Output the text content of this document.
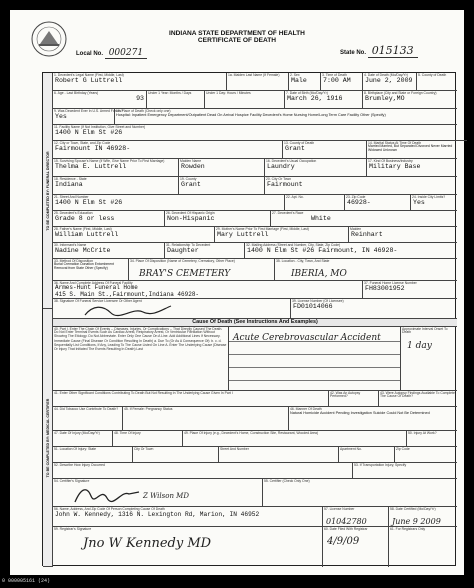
INDIANA STATE DEPARTMENT OF HEALTH
CERTIFICATE OF DEATH
Local No. 000271	State No. 015133
TO BE COMPLETED BY: FUNERAL DIRECTOR
TO BE COMPLETED BY: MEDICAL CERTIFIER
1. Decedent's Legal Name (First, Middle, Last)
Robert G Luttrell
1a. Maiden Last Name (If Female)	2. Sex
Male
3. Time of Death
7:00 AM
4. Date of Death (Mo/Day/Yr)
June 2, 2009
5. County of Death
6. Age - Last Birthday (Years)
93
Under 1 Year: Months / Days	Under 1 Day: Hours / Minutes	7. Date of Birth (Mo/Day/Yr)
March 26, 1916
8. Birthplace (City and State or Foreign Country)
Brumley,MO
9. Was Decedent Ever In U.S. Armed Forces?
Yes
10. Place of Death (Check only one)
Hospital: Inpatient Emergency Department/Outpatient Dead On Arrival Hospice Facility Decedent's Home Nursing Home/Long Term Care Facility Other (Specify)
11. Facility Name (If Not Institution, Give Street and Number)
1400 N Elm St #26
12. City or Town, State, and Zip Code
Fairmount IN 46928-
13. County of Death
Grant
14. Marital Status At Time Of Death
Married Married, But Separated Divorced Never Married Widowed Unknown
15. Surviving Spouse's Name (If Wife, Give Name Prior To First Marriage)
Thelma E. Luttrell
Maiden Name
Rowden
16. Decedent's Usual Occupation
Laundry
17. Kind Of Business/Industry
Military Base
18. Residence - State
Indiana
19. County
Grant
20. City Or Town
Fairmount
21. Street And Number
1400 N Elm St #26
22. Apt. No.	23. Zip Code
46928-
24. Inside City Limits?
Yes
25. Decedent's Education
Grade 8 or less
26. Decedent Of Hispanic Origin
Non-Hispanic
27. Decedent's Race
White
28. Father's Name (First, Middle, Last)
William Luttrell
29. Mother's Name Prior To First Marriage (First, Middle, Last)
Mary Luttrell
Maiden
Reinhart
30. Informant's Name
Nadine McCrite
31. Relationship To Decedent
Daughter
32. Mailing Address (Street and Number, City, State, Zip Code)
1400 N Elm St #26 Fairmount, IN 46928-
33. Method Of Disposition
Burial Cremation Donation Entombment Removal from State Other (Specify)
34. Place Of Disposition (Name of Cemetery, Crematory, Other Place)
BRAY'S CEMETERY
35. Location - City, Town, And State
IBERIA, MO
36. Name And Complete Address Of Funeral Facility
Armes-Hunt Funeral Home
415 S. Main St.,Fairmount,Indiana 46928-
37. Funeral Home License Number
FH83001952
38. Signature Of Funeral Service Licensee Or Other Agent	39. License Number (Of Licensee)
FD01014066
Cause Of Death (See Instructions And Examples)
40. Part I. Enter The Chain Of Events -- Diseases, Injuries, Or Complications -- That Directly Caused The Death. Do Not Enter Terminal Events Such As Cardiac Arrest, Respiratory Arrest, Or Ventricular Fibrillation Without Showing The Etiology. Do Not Abbreviate. Enter Only One Cause On A Line. Add Additional Lines If Necessary.
Immediate Cause (Final Disease Or Condition Resulting In Death) a. Due To (Or As A Consequence Of): b. c. d. Sequentially List Conditions, If Any, Leading To The Cause Listed On Line A. Enter The Underlying Cause (Disease Or Injury That Initiated The Events Resulting In Death) Last
Acute Cerebrovascular Accident
Approximate Interval Onset To Death
1 day
41. Enter Other Significant Conditions Contributing To Death But Not Resulting In The Underlying Cause Given In Part I	42. Was An Autopsy Performed?
43. Were Autopsy Findings Available To Complete The Cause Of Death?
44. Did Tobacco Use Contribute To Death?	45. If Female: Pregnancy Status	46. Manner Of Death
Natural Homicide Accident Pending Investigation Suicide Could Not Be Determined
47. Date Of Injury (Mo/Day/Yr)	48. Time Of Injury	49. Place Of Injury (e.g., Decedent's Home, Construction Site, Restaurant, Wooded Area)	50. Injury At Work?
51. Location Of Injury: State	City Or Town	Street And Number	Apartment No.	Zip Code
52. Describe How Injury Occurred	53. If Transportation Injury, Specify
54. Certifier's Signature
Z Wilson MD
55. Certifier (Check Only One)
56. Name, Address, And Zip Code Of Person Completing Cause Of Death
John W. Kennedy, 1316 N. Lexington Rd, Marion, IN 46952
57. License Number
01042780
58. Date Certified (Mo/Day/Yr)
June 9 2009
59. Registrar's Signature
Jno W Kennedy MD
60. Date Filed With Registrar
4/9/09
61. For Registrars Only
0 000005161 (24)
